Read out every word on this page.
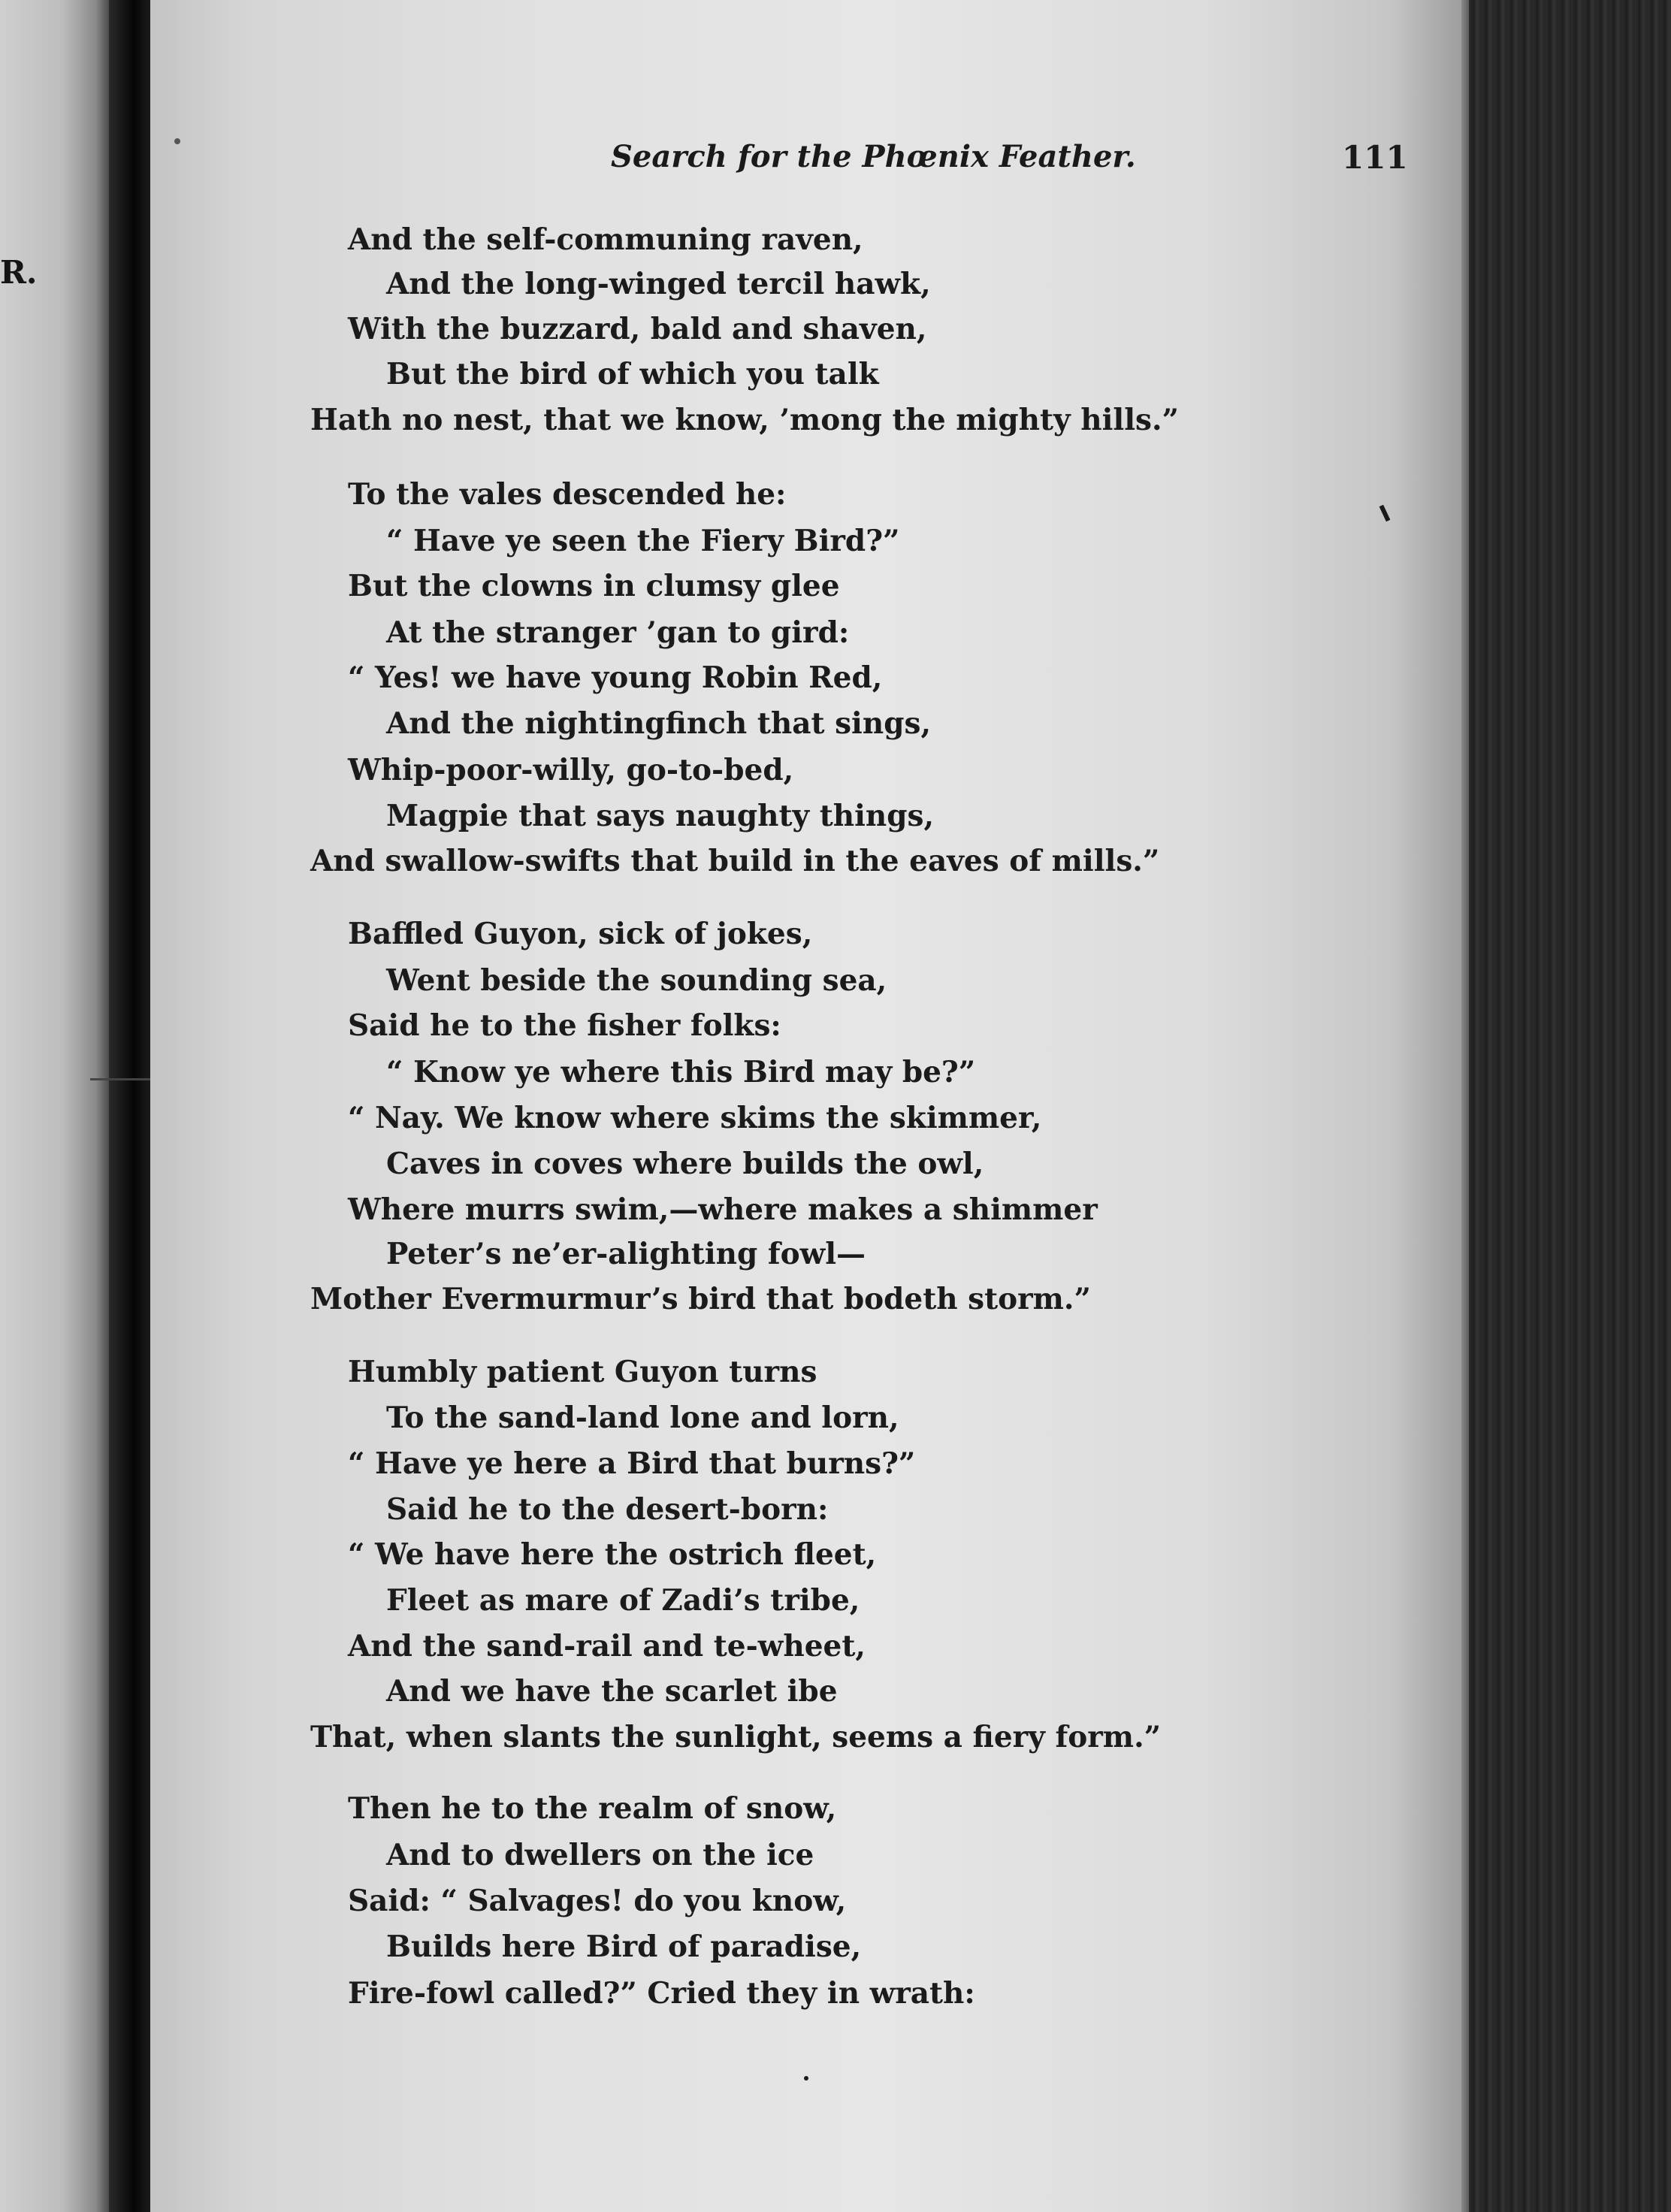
R.
Search for the Phœnix Feather.	111
And the self-communing raven,
And the long-winged tercil hawk,
With the buzzard, bald and shaven,
But the bird of which you talk
Hath no nest, that we know, ’mong the mighty hills.”
To the vales descended he:
“ Have ye seen the Fiery Bird?”
But the clowns in clumsy glee
At the stranger ’gan to gird:
“ Yes! we have young Robin Red,
And the nightingfinch that sings,
Whip-poor-willy, go-to-bed,
Magpie that says naughty things,
And swallow-swifts that build in the eaves of mills.”
Baffled Guyon, sick of jokes,
Went beside the sounding sea,
Said he to the fisher folks:
“ Know ye where this Bird may be?”
“ Nay. We know where skims the skimmer,
Caves in coves where builds the owl,
Where murrs swim,—where makes a shimmer
Peter’s ne’er-alighting fowl—
Mother Evermurmur’s bird that bodeth storm.”
Humbly patient Guyon turns
To the sand-land lone and lorn,
“ Have ye here a Bird that burns?”
Said he to the desert-born:
“ We have here the ostrich fleet,
Fleet as mare of Zadi’s tribe,
And the sand-rail and te-wheet,
And we have the scarlet ibe
That, when slants the sunlight, seems a fiery form.”
Then he to the realm of snow,
And to dwellers on the ice
Said: “ Salvages! do you know,
Builds here Bird of paradise,
Fire-fowl called?” Cried they in wrath:
